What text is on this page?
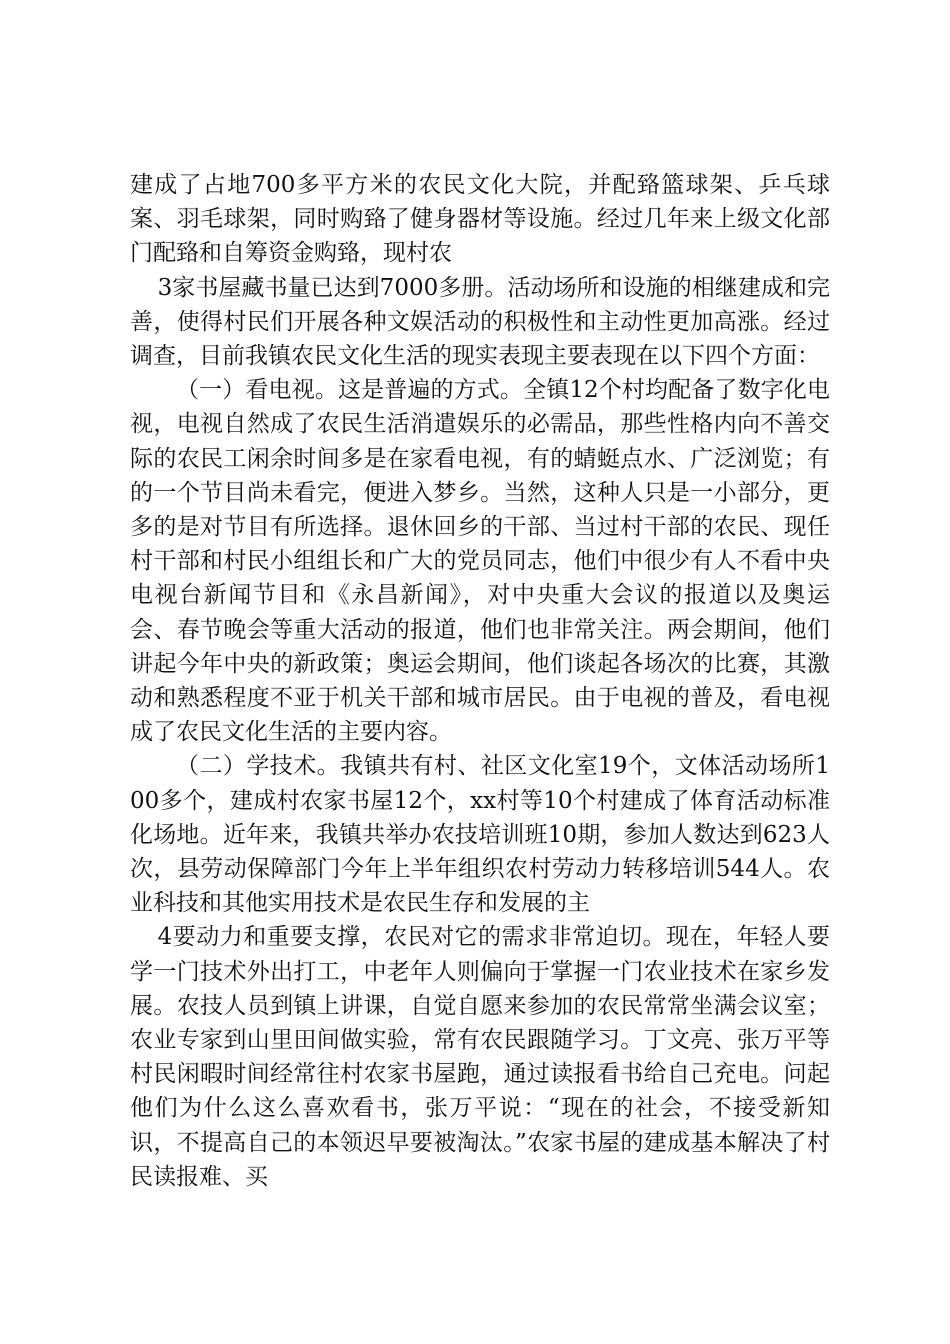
建成了占地700多平方米的农民文化大院，并配臵篮球架、乒乓球案、羽毛球架，同时购臵了健身器材等设施。经过几年来上级文化部门配臵和自筹资金购臵，现村农

3家书屋藏书量已达到7000多册。活动场所和设施的相继建成和完善，使得村民们开展各种文娱活动的积极性和主动性更加高涨。经过调查，目前我镇农民文化生活的现实表现主要表现在以下四个方面：

（一）看电视。这是普遍的方式。全镇12个村均配备了数字化电视，电视自然成了农民生活消遣娱乐的必需品，那些性格内向不善交际的农民工闲余时间多是在家看电视，有的蜻蜓点水、广泛浏览；有的一个节目尚未看完，便进入梦乡。当然，这种人只是一小部分，更多的是对节目有所选择。退休回乡的干部、当过村干部的农民、现任村干部和村民小组组长和广大的党员同志，他们中很少有人不看中央电视台新闻节目和《永昌新闻》，对中央重大会议的报道以及奥运会、春节晚会等重大活动的报道，他们也非常关注。两会期间，他们讲起今年中央的新政策；奥运会期间，他们谈起各场次的比赛，其激动和熟悉程度不亚于机关干部和城市居民。由于电视的普及，看电视成了农民文化生活的主要内容。

（二）学技术。我镇共有村、社区文化室19个，文体活动场所100多个，建成村农家书屋12个，xx村等10个村建成了体育活动标准化场地。近年来，我镇共举办农技培训班10期，参加人数达到623人次，县劳动保障部门今年上半年组织农村劳动力转移培训544人。农业科技和其他实用技术是农民生存和发展的主

4要动力和重要支撑，农民对它的需求非常迫切。现在，年轻人要学一门技术外出打工，中老年人则偏向于掌握一门农业技术在家乡发展。农技人员到镇上讲课，自觉自愿来参加的农民常常坐满会议室；农业专家到山里田间做实验，常有农民跟随学习。丁文亮、张万平等村民闲暇时间经常往村农家书屋跑，通过读报看书给自己充电。问起他们为什么这么喜欢看书，张万平说：“现在的社会，不接受新知识，不提高自己的本领迟早要被淘汰。”农家书屋的建成基本解决了村民读报难、买
